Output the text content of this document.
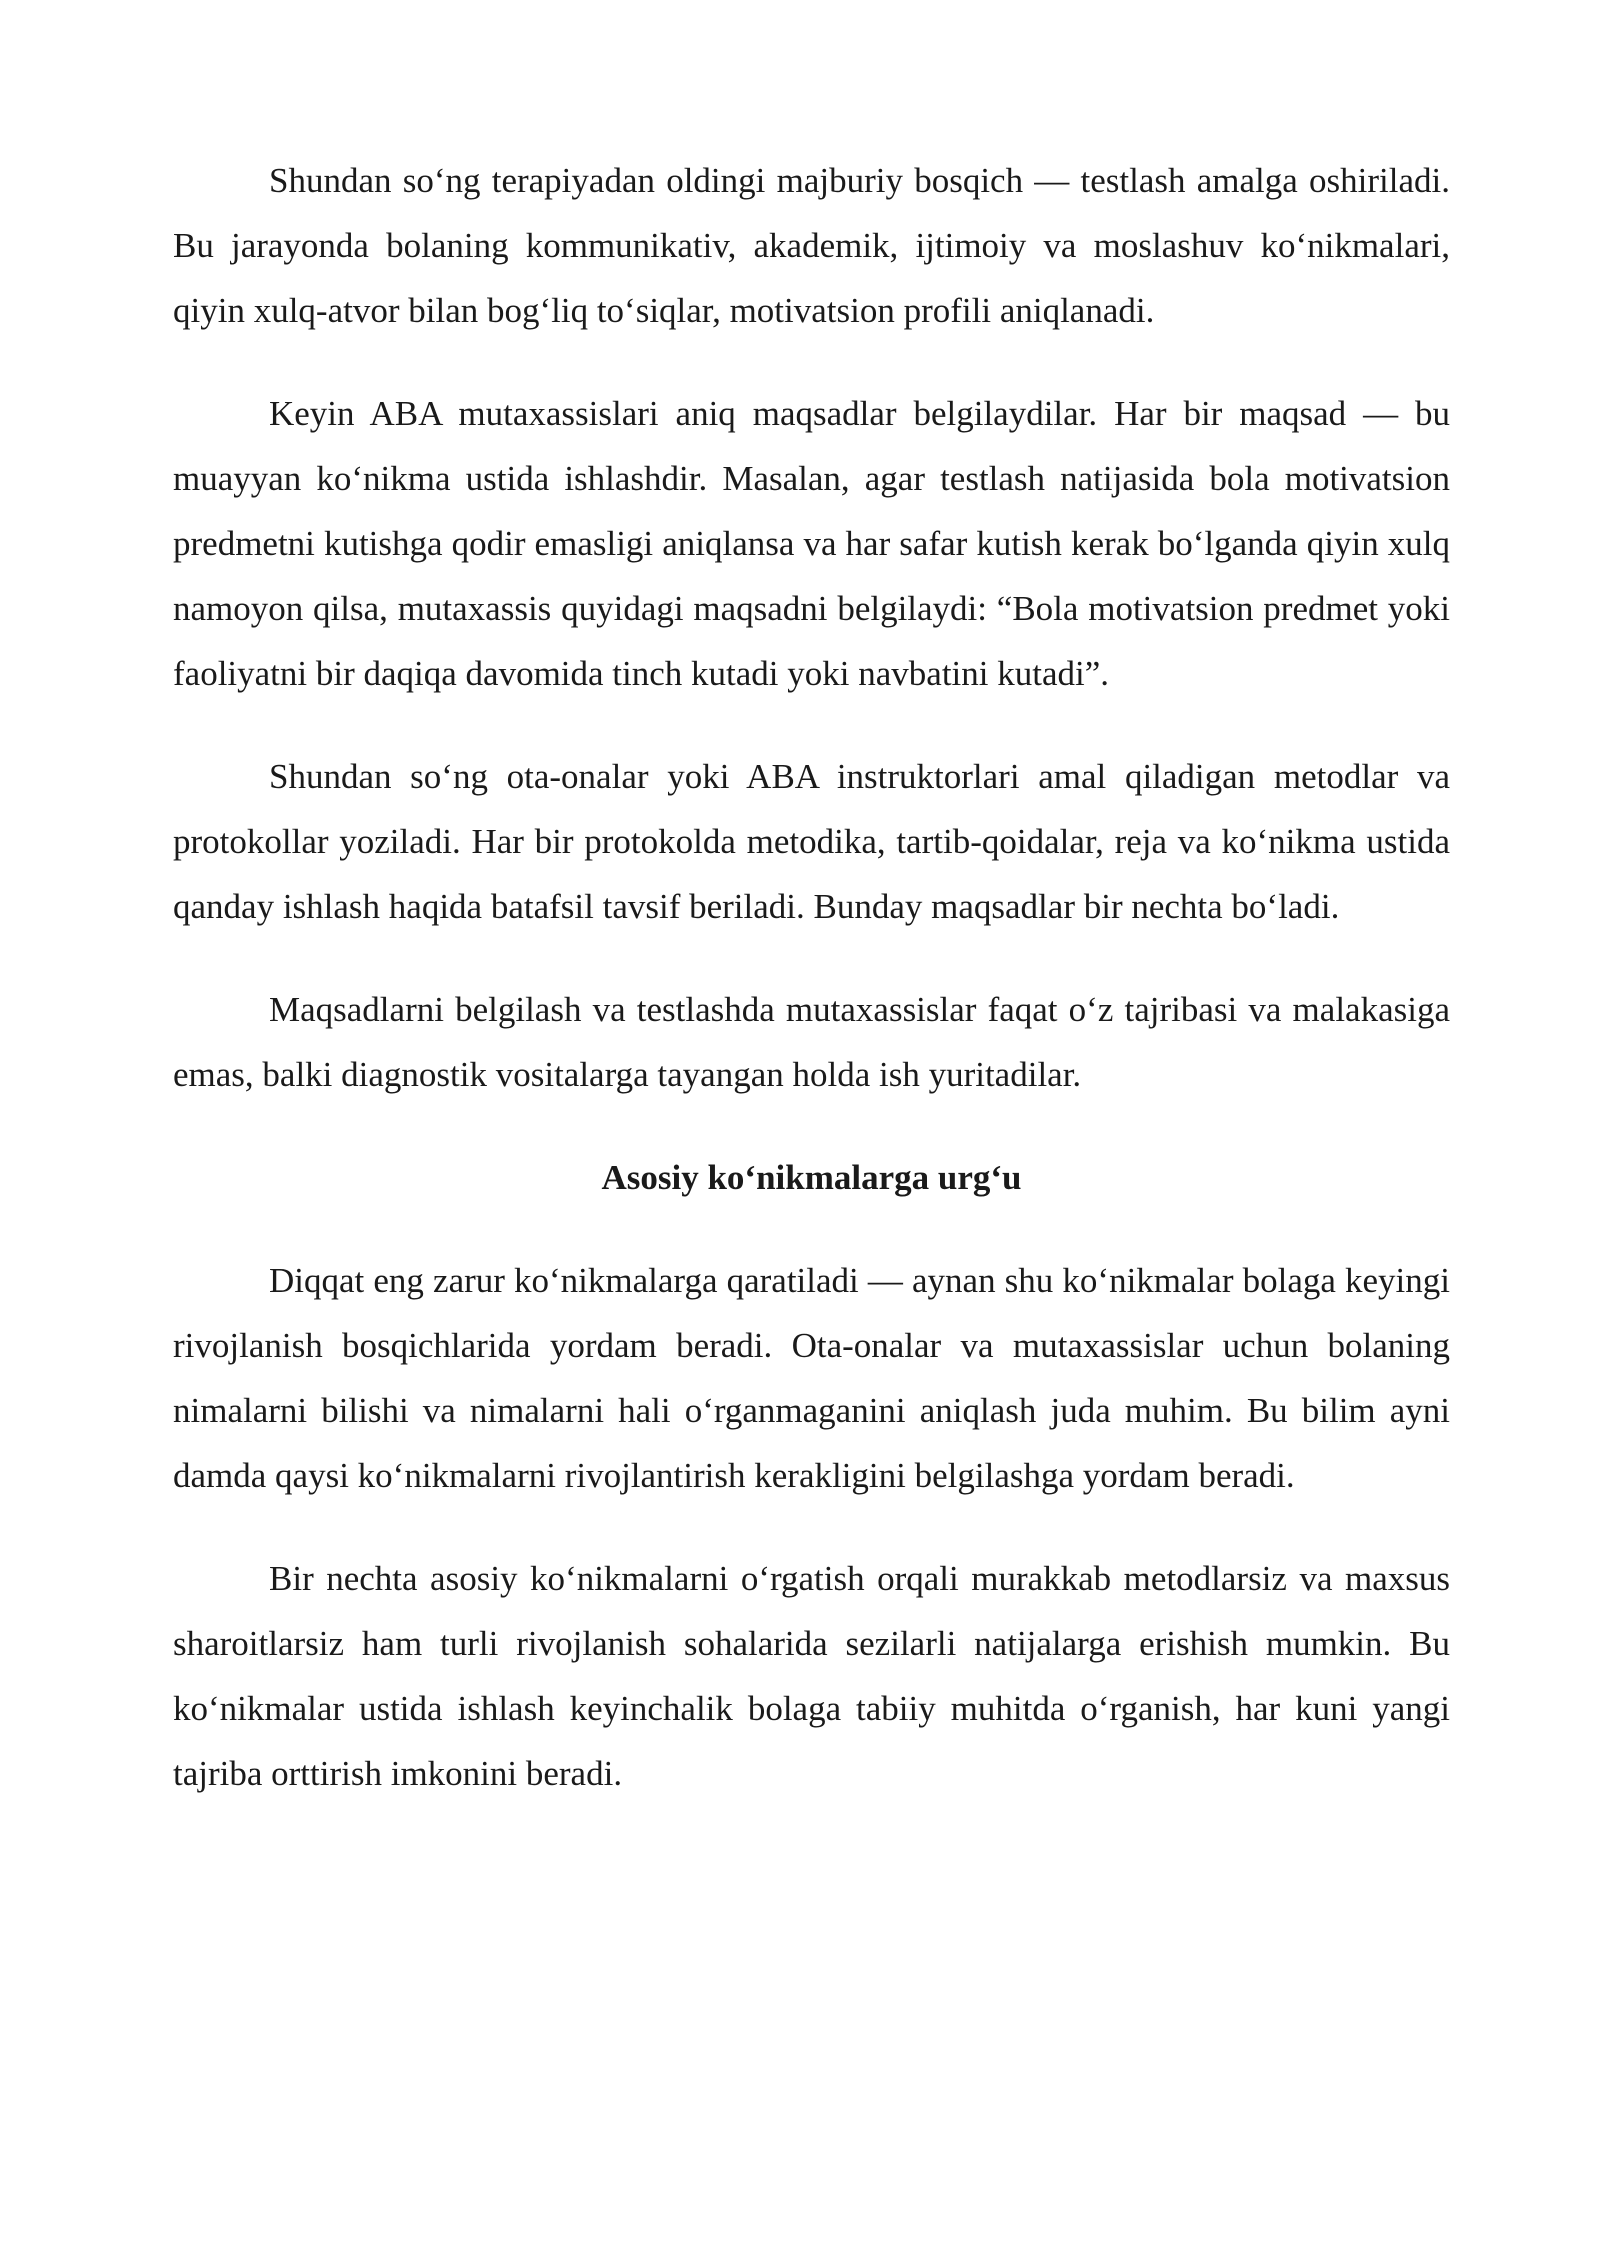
Shundan so‘ng terapiyadan oldingi majburiy bosqich — testlash amalga oshiriladi. Bu jarayonda bolaning kommunikativ, akademik, ijtimoiy va moslashuv ko‘nikmalari, qiyin xulq-atvor bilan bog‘liq to‘siqlar, motivatsion profili aniqlanadi.

Keyin ABA mutaxassislari aniq maqsadlar belgilaydilar. Har bir maqsad — bu muayyan ko‘nikma ustida ishlashdir. Masalan, agar testlash natijasida bola motivatsion predmetni kutishga qodir emasligi aniqlansa va har safar kutish kerak bo‘lganda qiyin xulq namoyon qilsa, mutaxassis quyidagi maqsadni belgilaydi: “Bola motivatsion predmet yoki faoliyatni bir daqiqa davomida tinch kutadi yoki navbatini kutadi”.

Shundan so‘ng ota-onalar yoki ABA instruktorlari amal qiladigan metodlar va protokollar yoziladi. Har bir protokolda metodika, tartib-qoidalar, reja va ko‘nikma ustida qanday ishlash haqida batafsil tavsif beriladi. Bunday maqsadlar bir nechta bo‘ladi.

Maqsadlarni belgilash va testlashda mutaxassislar faqat o‘z tajribasi va malakasiga emas, balki diagnostik vositalarga tayangan holda ish yuritadilar.

Asosiy ko‘nikmalarga urg‘u

Diqqat eng zarur ko‘nikmalarga qaratiladi — aynan shu ko‘nikmalar bolaga keyingi rivojlanish bosqichlarida yordam beradi. Ota-onalar va mutaxassislar uchun bolaning nimalarni bilishi va nimalarni hali o‘rganmaganini aniqlash juda muhim. Bu bilim ayni damda qaysi ko‘nikmalarni rivojlantirish kerakligini belgilashga yordam beradi.

Bir nechta asosiy ko‘nikmalarni o‘rgatish orqali murakkab metodlarsiz va maxsus sharoitlarsiz ham turli rivojlanish sohalarida sezilarli natijalarga erishish mumkin. Bu ko‘nikmalar ustida ishlash keyinchalik bolaga tabiiy muhitda o‘rganish, har kuni yangi tajriba orttirish imkonini beradi.
